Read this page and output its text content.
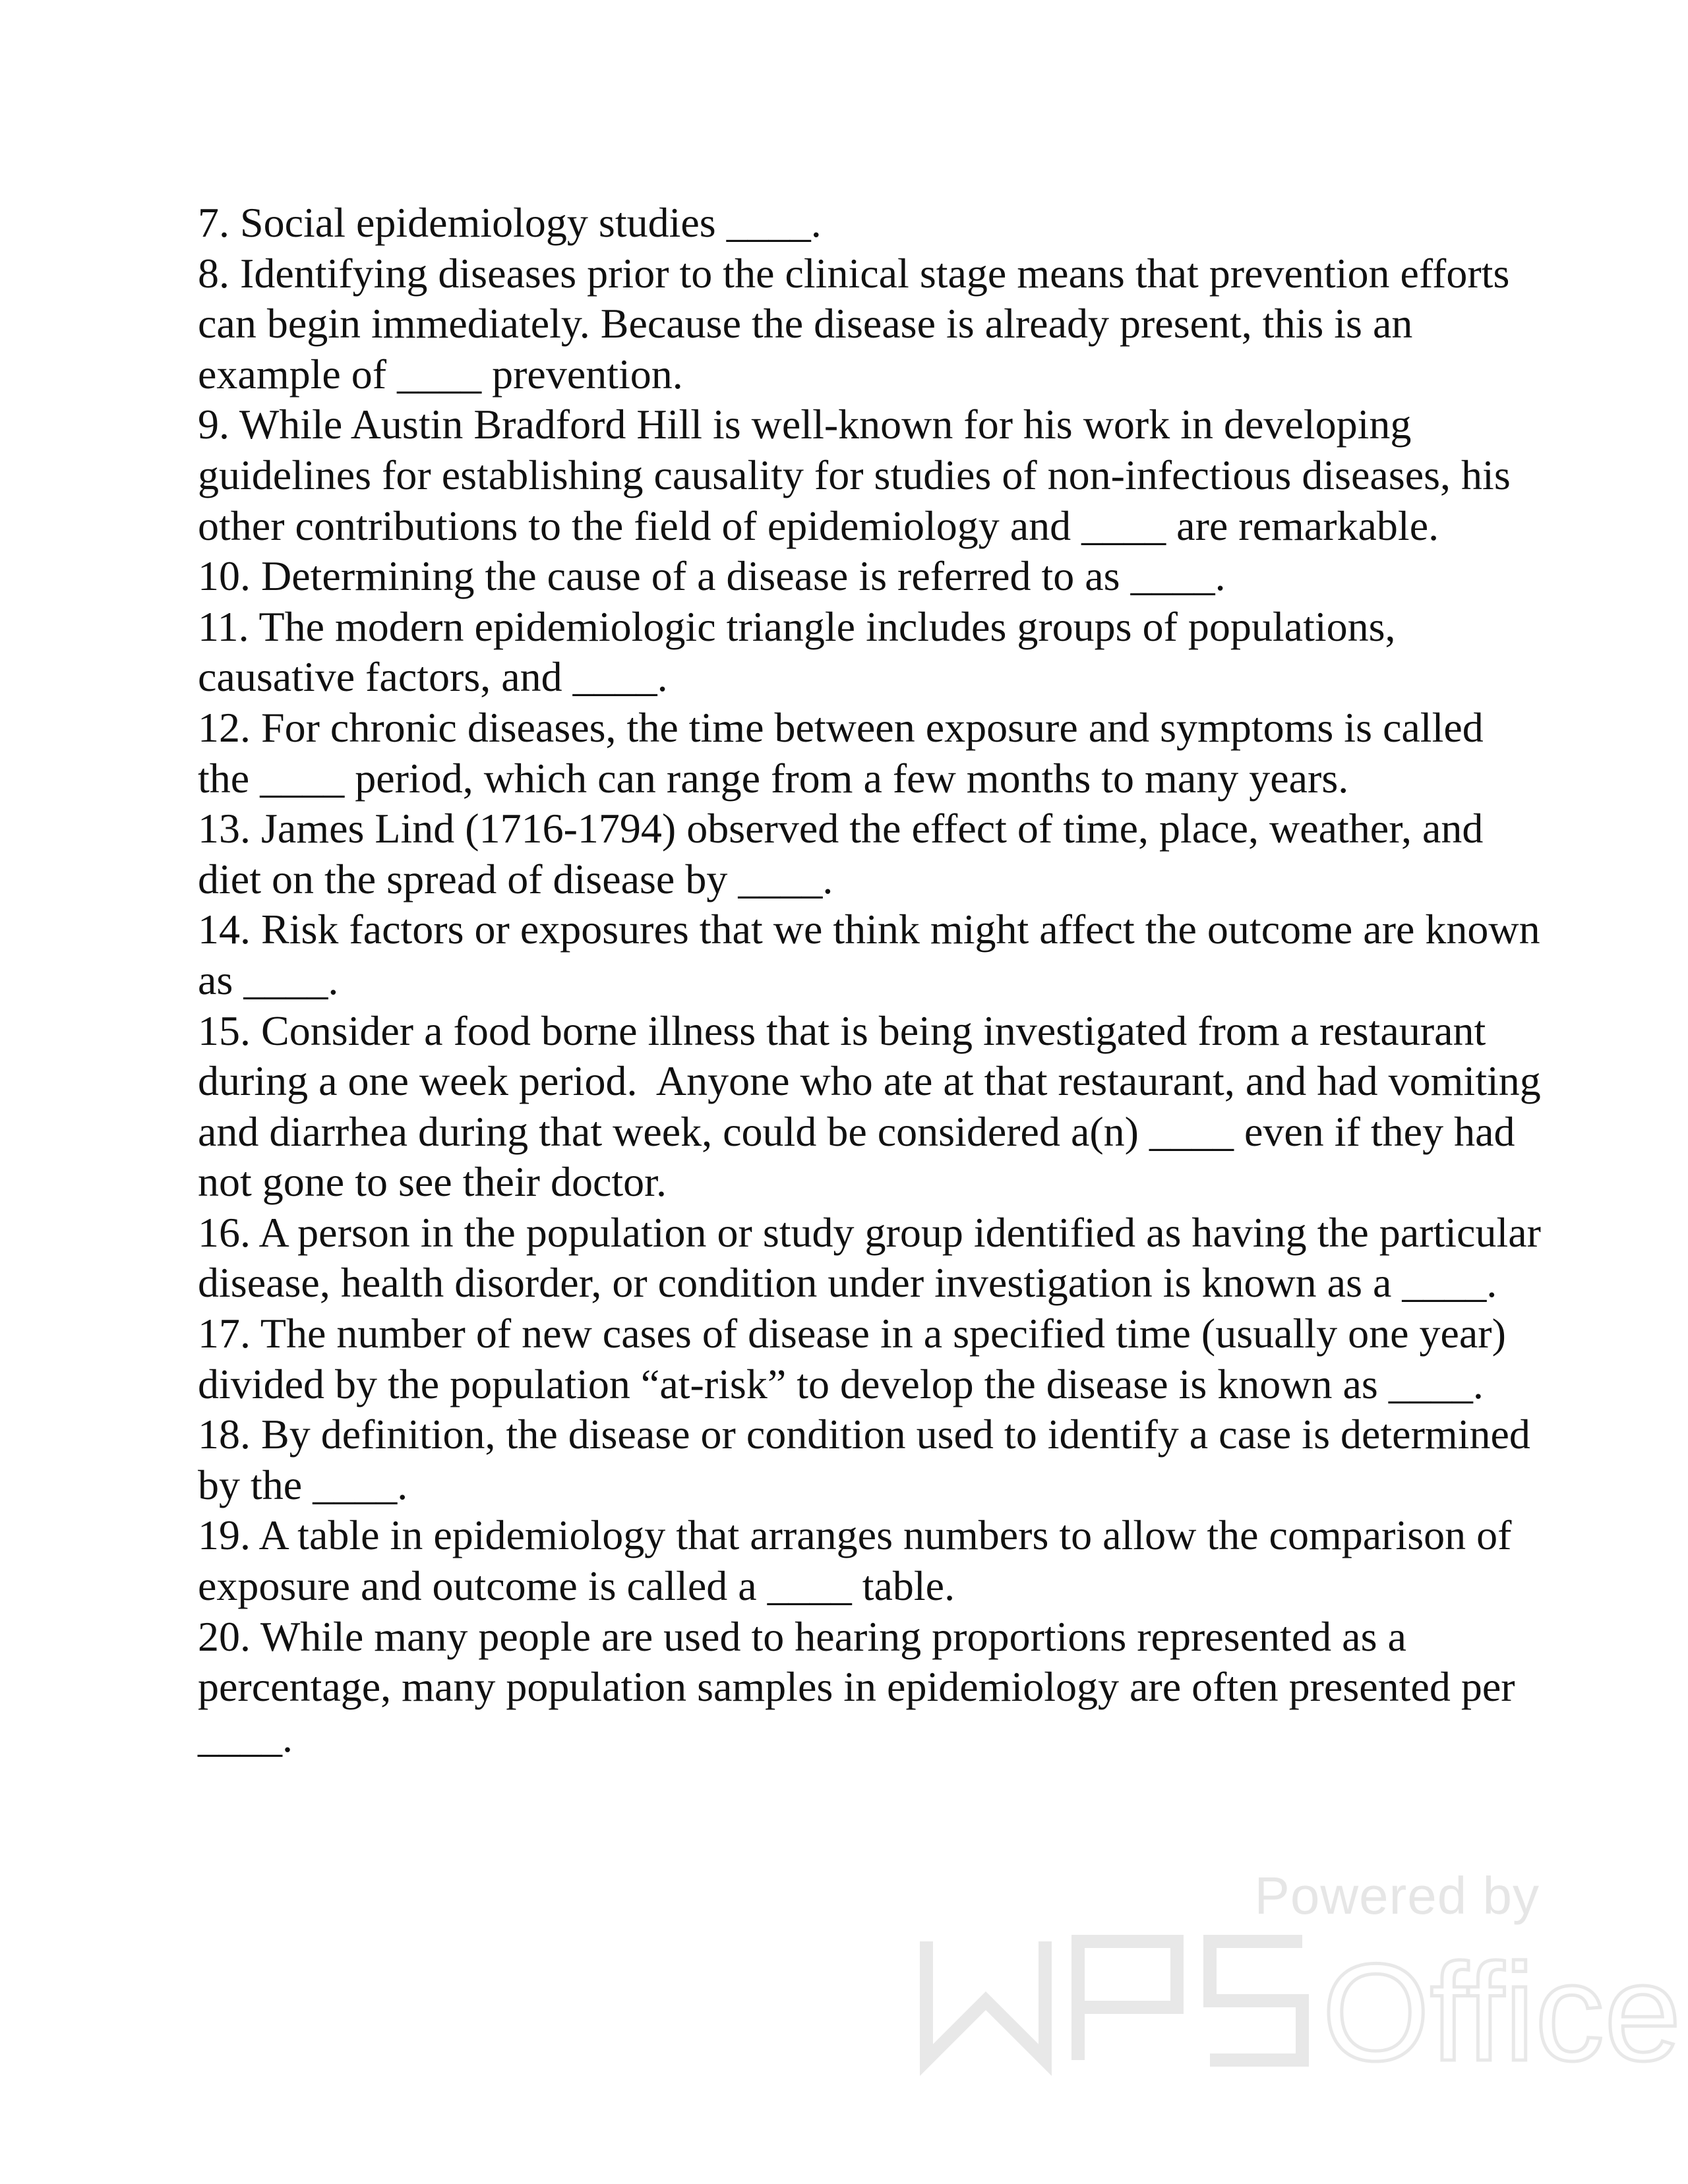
7. Social epidemiology studies ____.

8. Identifying diseases prior to the clinical stage means that prevention efforts can begin immediately. Because the disease is already present, this is an example of ____ prevention.

9. While Austin Bradford Hill is well-known for his work in developing guidelines for establishing causality for studies of non-infectious diseases, his other contributions to the field of epidemiology and ____ are remarkable.

10. Determining the cause of a disease is referred to as ____.

11. The modern epidemiologic triangle includes groups of populations, causative factors, and ____.

12. For chronic diseases, the time between exposure and symptoms is called the ____ period, which can range from a few months to many years.

13. James Lind (1716-1794) observed the effect of time, place, weather, and diet on the spread of disease by ____.

14. Risk factors or exposures that we think might affect the outcome are known as ____.

15. Consider a food borne illness that is being investigated from a restaurant during a one week period.  Anyone who ate at that restaurant, and had vomiting and diarrhea during that week, could be considered a(n) ____ even if they had not gone to see their doctor.

16. A person in the population or study group identified as having the particular disease, health disorder, or condition under investigation is known as a ____.

17. The number of new cases of disease in a specified time (usually one year) divided by the population “at-risk” to develop the disease is known as ____.

18. By definition, the disease or condition used to identify a case is determined by the ____.

19. A table in epidemiology that arranges numbers to allow the comparison of exposure and outcome is called a ____ table.

20. While many people are used to hearing proportions represented as a percentage, many population samples in epidemiology are often presented per ____.

Powered by
Office
